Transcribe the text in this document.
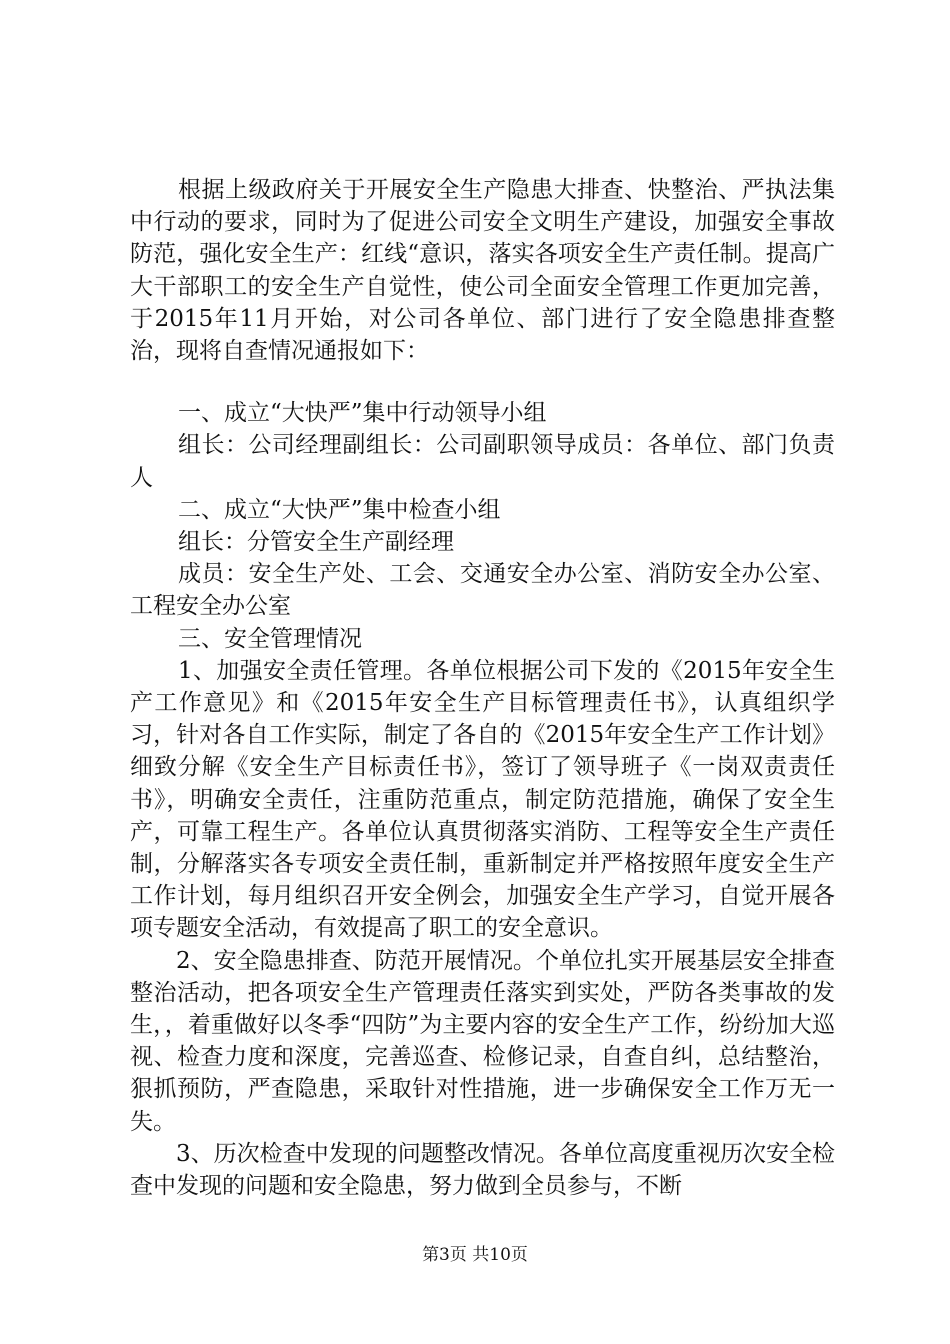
根据上级政府关于开展安全生产隐患大排查、快整治、严执法集中行动的要求，同时为了促进公司安全文明生产建设，加强安全事故防范，强化安全生产：红线“意识，落实各项安全生产责任制。提高广大干部职工的安全生产自觉性，使公司全面安全管理工作更加完善，于2015年11月开始，对公司各单位、部门进行了安全隐患排查整治，现将自查情况通报如下：

一、成立“大快严”集中行动领导小组

组长：公司经理副组长：公司副职领导成员：各单位、部门负责人

二、成立“大快严”集中检查小组

组长：分管安全生产副经理

成员：安全生产处、工会、交通安全办公室、消防安全办公室、工程安全办公室

三、安全管理情况

1、加强安全责任管理。各单位根据公司下发的《2015年安全生产工作意见》和《2015年安全生产目标管理责任书》，认真组织学习，针对各自工作实际，制定了各自的《2015年安全生产工作计划》细致分解《安全生产目标责任书》，签订了领导班子《一岗双责责任书》，明确安全责任，注重防范重点，制定防范措施，确保了安全生产，可靠工程生产。各单位认真贯彻落实消防、工程等安全生产责任制，分解落实各专项安全责任制，重新制定并严格按照年度安全生产工作计划，每月组织召开安全例会，加强安全生产学习，自觉开展各项专题安全活动，有效提高了职工的安全意识。

2、安全隐患排查、防范开展情况。个单位扎实开展基层安全排查整治活动，把各项安全生产管理责任落实到实处，严防各类事故的发生，，着重做好以冬季“四防”为主要内容的安全生产工作，纷纷加大巡视、检查力度和深度，完善巡查、检修记录，自查自纠，总结整治，狠抓预防，严查隐患，采取针对性措施，进一步确保安全工作万无一失。

3、历次检查中发现的问题整改情况。各单位高度重视历次安全检查中发现的问题和安全隐患，努力做到全员参与，不断

第3页 共10页
